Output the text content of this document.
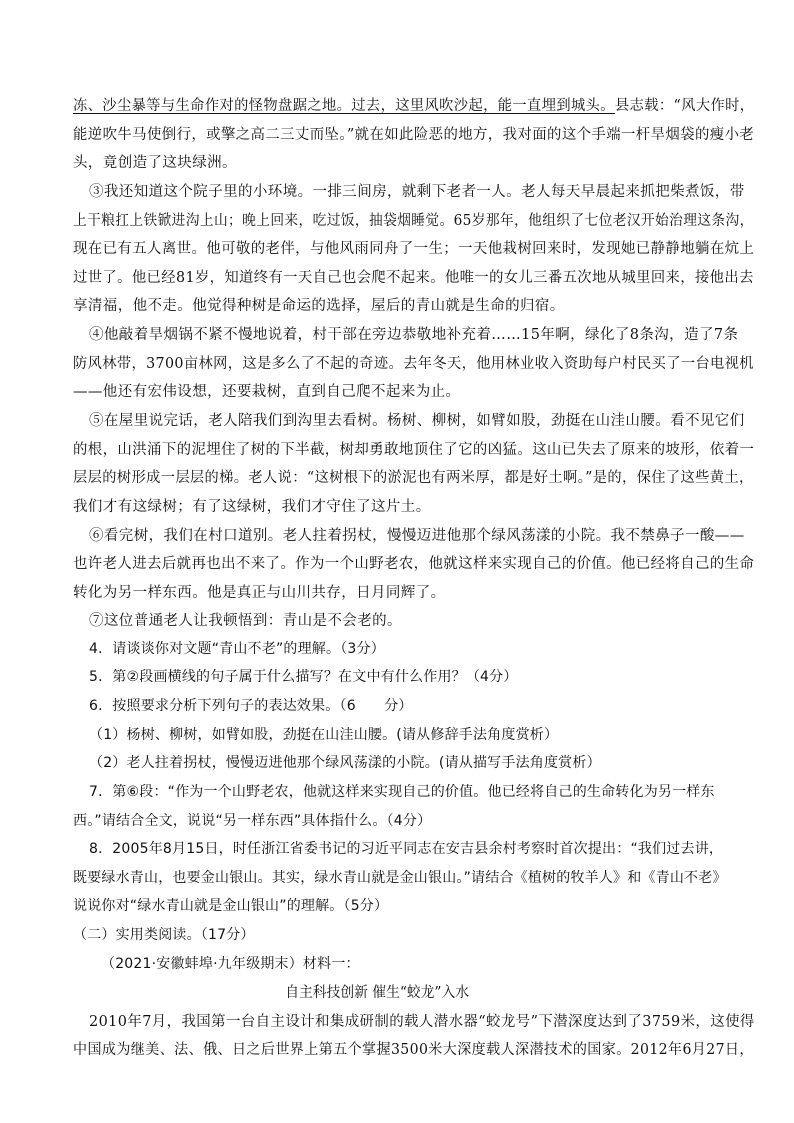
冻、沙尘暴等与生命作对的怪物盘踞之地。过去，这里风吹沙起，能一直埋到城头。县志载：“风大作时，
能逆吹牛马使倒行，或擎之高二三丈而坠。”就在如此险恶的地方，我对面的这个手端一杆旱烟袋的瘦小老
头，竟创造了这块绿洲。
③我还知道这个院子里的小环境。一排三间房，就剩下老者一人。老人每天早晨起来抓把柴煮饭，带
上干粮扛上铁锨进沟上山；晚上回来，吃过饭，抽袋烟睡觉。65岁那年，他组织了七位老汉开始治理这条沟，
现在已有五人离世。他可敬的老伴，与他风雨同舟了一生；一天他栽树回来时，发现她已静静地躺在炕上
过世了。他已经81岁，知道终有一天自己也会爬不起来。他唯一的女儿三番五次地从城里回来，接他出去
享清福，他不走。他觉得种树是命运的选择，屋后的青山就是生命的归宿。
④他敲着旱烟锅不紧不慢地说着，村干部在旁边恭敬地补充着……15年啊，绿化了8条沟，造了7条
防风林带，3700亩林网，这是多么了不起的奇迹。去年冬天，他用林业收入资助每户村民买了一台电视机
——他还有宏伟设想，还要栽树，直到自己爬不起来为止。
⑤在屋里说完话，老人陪我们到沟里去看树。杨树、柳树，如臂如股，劲挺在山洼山腰。看不见它们
的根，山洪涌下的泥埋住了树的下半截，树却勇敢地顶住了它的凶猛。这山已失去了原来的坡形，依着一
层层的树形成一层层的梯。老人说：“这树根下的淤泥也有两米厚，都是好土啊。”是的，保住了这些黄土，
我们才有这绿树；有了这绿树，我们才守住了这片土。
⑥看完树，我们在村口道别。老人拄着拐杖，慢慢迈进他那个绿风荡漾的小院。我不禁鼻子一酸——
也许老人进去后就再也出不来了。作为一个山野老农，他就这样来实现自己的价值。他已经将自己的生命
转化为另一样东西。他是真正与山川共存，日月同辉了。
⑦这位普通老人让我顿悟到：青山是不会老的。
4．请谈谈你对文题“青山不老”的理解。（3分）
5．第②段画横线的句子属于什么描写？在文中有什么作用？（4分）
6．按照要求分析下列句子的表达效果。（6　　分）
（1）杨树、柳树，如臂如股，劲挺在山洼山腰。(请从修辞手法角度赏析）
（2）老人拄着拐杖，慢慢迈进他那个绿风荡漾的小院。(请从描写手法角度赏析）
7．第⑥段：“作为一个山野老农，他就这样来实现自己的价值。他已经将自己的生命转化为另一样东
西。”请结合全文，说说“另一样东西”具体指什么。（4分）
8．2005年8月15日，时任浙江省委书记的习近平同志在安吉县余村考察时首次提出：“我们过去讲，
既要绿水青山，也要金山银山。其实，绿水青山就是金山银山。”请结合《植树的牧羊人》和《青山不老》
说说你对“绿水青山就是金山银山”的理解。（5分）
（二）实用类阅读。（17分）
（2021·安徽蚌埠·九年级期末）材料一：
自主科技创新 催生“蛟龙”入水
2010年7月，我国第一台自主设计和集成研制的载人潜水器“蛟龙号”下潜深度达到了3759米，这使得
中国成为继美、法、俄、日之后世界上第五个掌握3500米大深度载人深潜技术的国家。2012年6月27日，
